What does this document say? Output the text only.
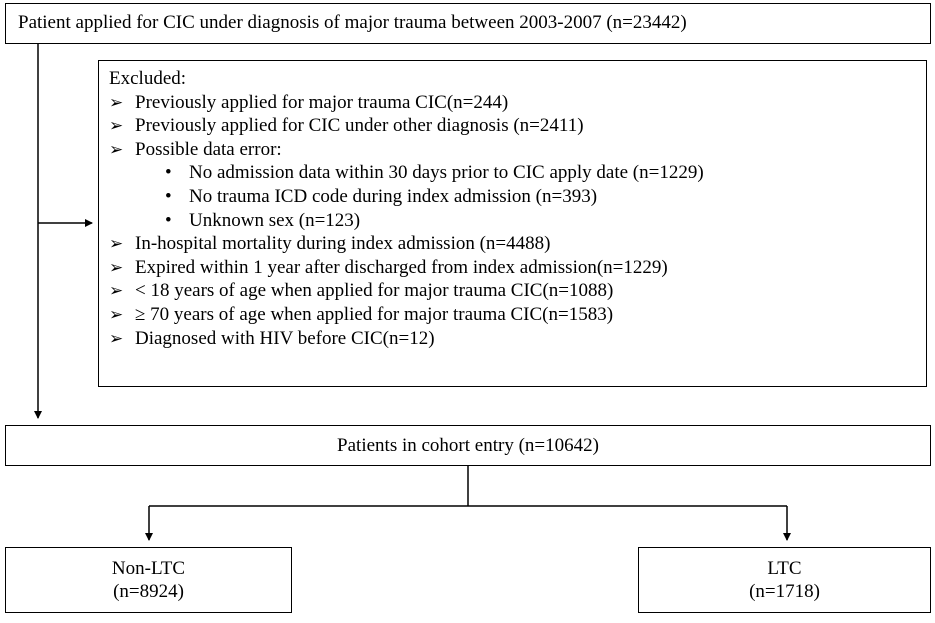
Patient applied for CIC under diagnosis of major trauma between 2003-2007 (n=23442)
Excluded:
➢ Previously applied for major trauma CIC(n=244)
➢ Previously applied for CIC under other diagnosis (n=2411)
➢ Possible data error:
• No admission data within 30 days prior to CIC apply date (n=1229)
• No trauma ICD code during index admission (n=393)
• Unknown sex (n=123)
➢ In-hospital mortality during index admission (n=4488)
➢ Expired within 1 year after discharged from index admission(n=1229)
➢ < 18 years of age when applied for major trauma CIC(n=1088)
➢ ≥ 70 years of age when applied for major trauma CIC(n=1583)
➢ Diagnosed with HIV before CIC(n=12)
Patients in cohort entry (n=10642)
Non-LTC
(n=8924)
LTC
(n=1718)
